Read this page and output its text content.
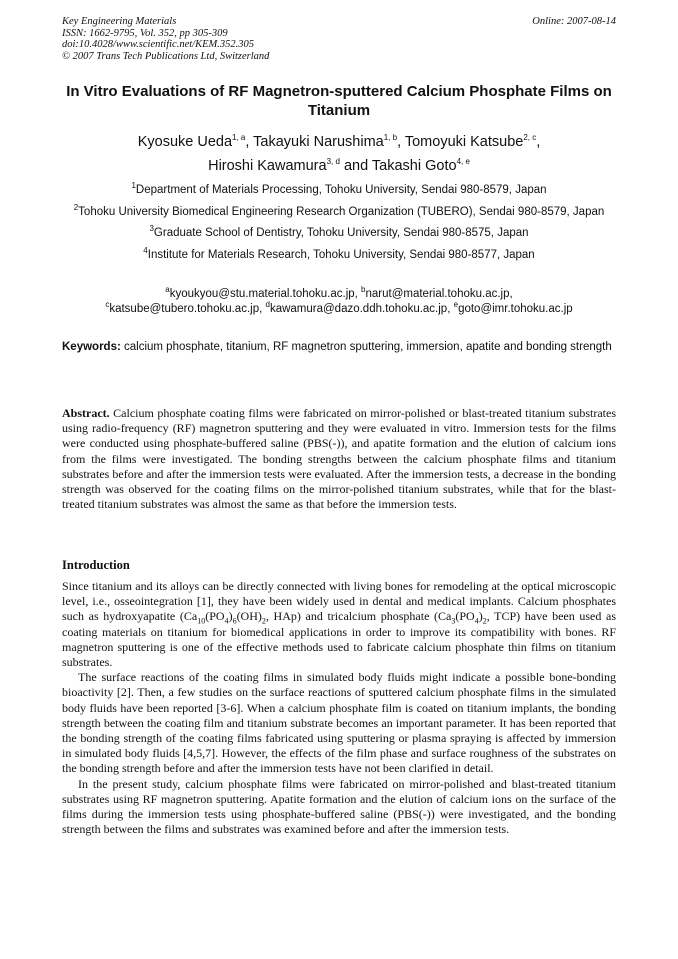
Key Engineering Materials
ISSN: 1662-9795, Vol. 352, pp 305-309
doi:10.4028/www.scientific.net/KEM.352.305
© 2007 Trans Tech Publications Ltd, Switzerland
Online: 2007-08-14
In Vitro Evaluations of RF Magnetron-sputtered Calcium Phosphate Films on Titanium
Kyosuke Ueda$^{1, a}$, Takayuki Narushima$^{1, b}$, Tomoyuki Katsube$^{2, c}$,
Hiroshi Kawamura$^{3, d}$ and Takashi Goto$^{4, e}$

$^1$Department of Materials Processing, Tohoku University, Sendai 980-8579, Japan

$^2$Tohoku University Biomedical Engineering Research Organization (TUBERO), Sendai 980-8579, Japan

$^3$Graduate School of Dentistry, Tohoku University, Sendai 980-8575, Japan

$^4$Institute for Materials Research, Tohoku University, Sendai 980-8577, Japan

$^a$kyoukyou@stu.material.tohoku.ac.jp, $^b$narut@material.tohoku.ac.jp,

$^c$katsube@tubero.tohoku.ac.jp, $^d$kawamura@dazo.ddh.tohoku.ac.jp, $^e$goto@imr.tohoku.ac.jp

Keywords: calcium phosphate, titanium, RF magnetron sputtering, immersion, apatite and bonding strength
Abstract. Calcium phosphate coating films were fabricated on mirror-polished or blast-treated titanium substrates using radio-frequency (RF) magnetron sputtering and they were evaluated in vitro. Immersion tests for the films were conducted using phosphate-buffered saline (PBS(-)), and apatite formation and the elution of calcium ions from the films were investigated. The bonding strengths between the calcium phosphate films and titanium substrates before and after the immersion tests were evaluated. After the immersion tests, a decrease in the bonding strength was observed for the coating films on the mirror-polished titanium substrates, while that for the blast-treated titanium substrates was almost the same as that before the immersion tests.
Introduction

Since titanium and its alloys can be directly connected with living bones for remodeling at the optical microscopic level, i.e., osseointegration [1], they have been widely used in dental and medical implants. Calcium phosphates such as hydroxyapatite ($Ca_{10}(PO_4)_6(OH)_2$, HAp) and tricalcium phosphate ($Ca_3(PO_4)_2$, TCP) have been used as coating materials on titanium for biomedical applications in order to improve its compatibility with bones. RF magnetron sputtering is one of the effective methods used to fabricate calcium phosphate thin films on titanium substrates.

The surface reactions of the coating films in simulated body fluids might indicate a possible bone-bonding bioactivity [2]. Then, a few studies on the surface reactions of sputtered calcium phosphate films in the simulated body fluids have been reported [3-6]. When a calcium phosphate film is coated on titanium implants, the bonding strength between the coating film and titanium substrate becomes an important parameter. It has been reported that the bonding strength of the coating films fabricated using sputtering or plasma spraying is affected by immersion in simulated body fluids [4,5,7]. However, the effects of the film phase and surface roughness of the substrates on the bonding strength before and after the immersion tests have not been clarified in detail.

In the present study, calcium phosphate films were fabricated on mirror-polished and blast-treated titanium substrates using RF magnetron sputtering. Apatite formation and the elution of calcium ions on the surface of the films during the immersion tests using phosphate-buffered saline (PBS(-)) were investigated, and the bonding strength between the films and substrates was examined before and after the immersion tests.
